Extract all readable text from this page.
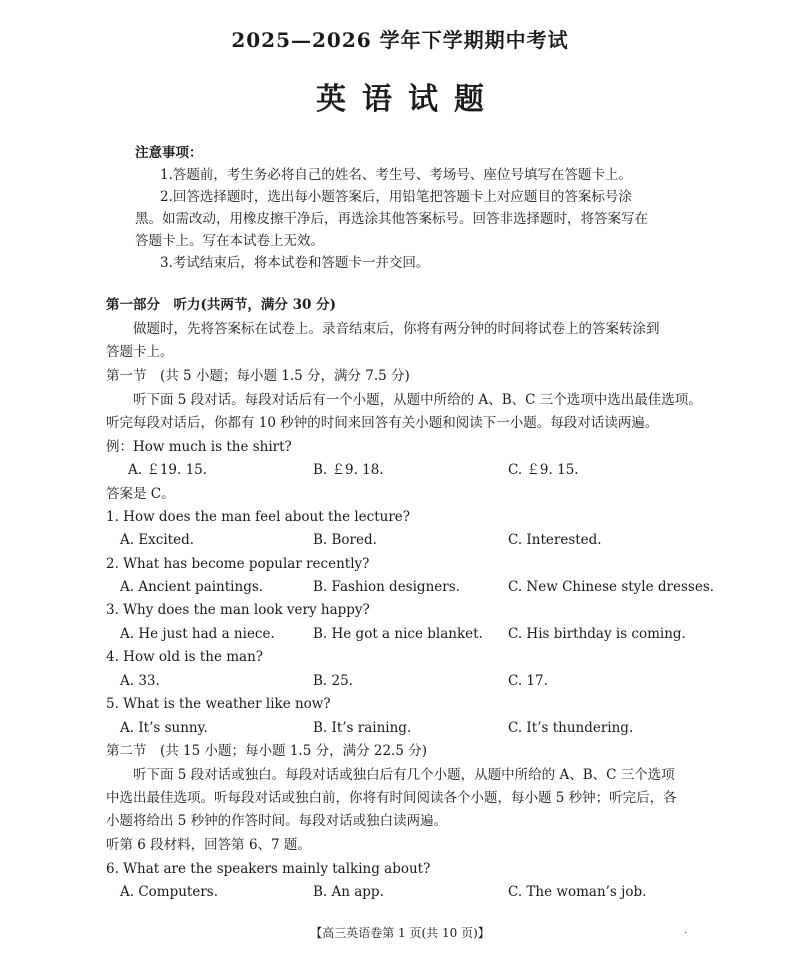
2025—2026 学年下学期期中考试
英语试题
注意事项：
1.答题前，考生务必将自己的姓名、考生号、考场号、座位号填写在答题卡上。
2.回答选择题时，选出每小题答案后，用铅笔把答题卡上对应题目的答案标号涂
黑。如需改动，用橡皮擦干净后，再选涂其他答案标号。回答非选择题时，将答案写在
答题卡上。写在本试卷上无效。
3.考试结束后，将本试卷和答题卡一并交回。
第一部分　听力(共两节，满分 30 分)
做题时，先将答案标在试卷上。录音结束后，你将有两分钟的时间将试卷上的答案转涂到
答题卡上。
第一节　(共 5 小题；每小题 1.5 分，满分 7.5 分)
听下面 5 段对话。每段对话后有一个小题，从题中所给的 A、B、C 三个选项中选出最佳选项。
听完每段对话后，你都有 10 秒钟的时间来回答有关小题和阅读下一小题。每段对话读两遍。
例：How much is the shirt?
A. ￡19. 15.	B. ￡9. 18.	C. ￡9. 15.
答案是 C。
1. How does the man feel about the lecture?
A. Excited.	B. Bored.	C. Interested.
2. What has become popular recently?
A. Ancient paintings.	B. Fashion designers.	C. New Chinese style dresses.
3. Why does the man look very happy?
A. He just had a niece.	B. He got a nice blanket. C. His birthday is coming.
4. How old is the man?
A. 33.	B. 25.	C. 17.
5. What is the weather like now?
A. It’s sunny.	B. It’s raining.	C. It’s thundering.
第二节　(共 15 小题；每小题 1.5 分，满分 22.5 分)
听下面 5 段对话或独白。每段对话或独白后有几个小题，从题中所给的 A、B、C 三个选项
中选出最佳选项。听每段对话或独白前，你将有时间阅读各个小题，每小题 5 秒钟；听完后，各
小题将给出 5 秒钟的作答时间。每段对话或独白读两遍。
听第 6 段材料，回答第 6、7 题。
6. What are the speakers mainly talking about?
A. Computers.	B. An app.	C. The woman’s job.
【高三英语卷第 1 页(共 10 页)】	·
